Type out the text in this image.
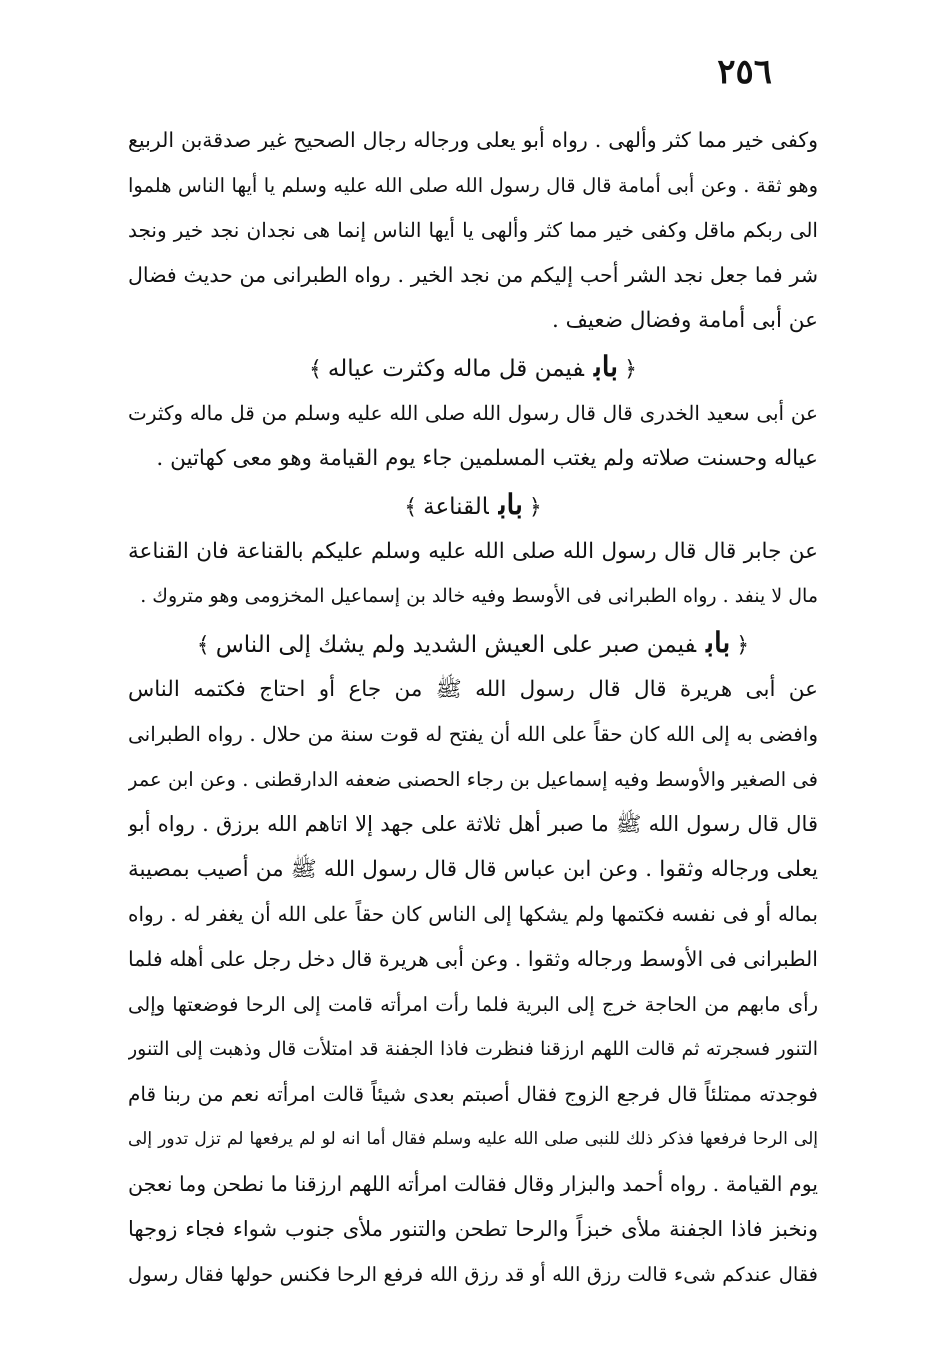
٢٥٦
وكفى خير مما كثر وألهى . رواه أبو يعلى ورجاله رجال الصحيح غير صدقةبن الربيع
وهو ثقة . وعن أبى أمامة قال قال رسول الله صلى الله عليه وسلم يا أيها الناس هلموا
الى ربكم ماقل وكفى خير مما كثر وألهى يا أيها الناس إنما هى نجدان نجد خير ونجد
شر فما جعل نجد الشر أحب إليكم من نجد الخير . رواه الطبرانى من حديث فضال
عن أبى أمامة وفضال ضعيف .
﴿بابفيمن قل ماله وكثرت عياله﴾
عن أبى سعيد الخدرى قال قال رسول الله صلى الله عليه وسلم من قل ماله وكثرت
عياله وحسنت صلاته ولم يغتب المسلمين جاء يوم القيامة وهو معى كهاتين .
﴿بابالقناعة﴾
عن جابر قال قال رسول الله صلى الله عليه وسلم عليكم بالقناعة فان القناعة
مال لا ينفد . رواه الطبرانى فى الأوسط وفيه خالد بن إسماعيل المخزومى وهو متروك .
﴿بابفيمن صبر على العيش الشديد ولم يشك إلى الناس﴾
عن أبى هريرة قال قال رسول الله ﷺ من جاع أو احتاج فكتمه الناس
وافضى به إلى الله كان حقاً على الله أن يفتح له قوت سنة من حلال . رواه الطبرانى
فى الصغير والأوسط وفيه إسماعيل بن رجاء الحصنى ضعفه الدارقطنى . وعن ابن عمر
قال قال رسول الله ﷺ ما صبر أهل ثلاثة على جهد إلا اتاهم الله برزق . رواه أبو
يعلى ورجاله وثقوا . وعن ابن عباس قال قال رسول الله ﷺ من أصيب بمصيبة
بماله أو فى نفسه فكتمها ولم يشكها إلى الناس كان حقاً على الله أن يغفر له . رواه
الطبرانى فى الأوسط ورجاله وثقوا . وعن أبى هريرة قال دخل رجل على أهله فلما
رأى مابهم من الحاجة خرج إلى البرية فلما رأت امرأته قامت إلى الرحا فوضعتها وإلى
التنور فسجرته ثم قالت اللهم ارزقنا فنظرت فاذا الجفنة قد امتلأت قال وذهبت إلى التنور
فوجدته ممتلئاً قال فرجع الزوج فقال أصبتم بعدى شيئاً قالت امرأته نعم من ربنا قام
إلى الرحا فرفعها فذكر ذلك للنبى صلى الله عليه وسلم فقال أما انه لو لم يرفعها لم تزل تدور إلى
يوم القيامة . رواه أحمد والبزار وقال فقالت امرأته اللهم ارزقنا ما نطحن وما نعجن
ونخبز فاذا الجفنة ملأى خبزاً والرحا تطحن والتنور ملأى جنوب شواء فجاء زوجها
فقال عندكم شىء قالت رزق الله أو قد رزق الله فرفع الرحا فكنس حولها فقال رسول
